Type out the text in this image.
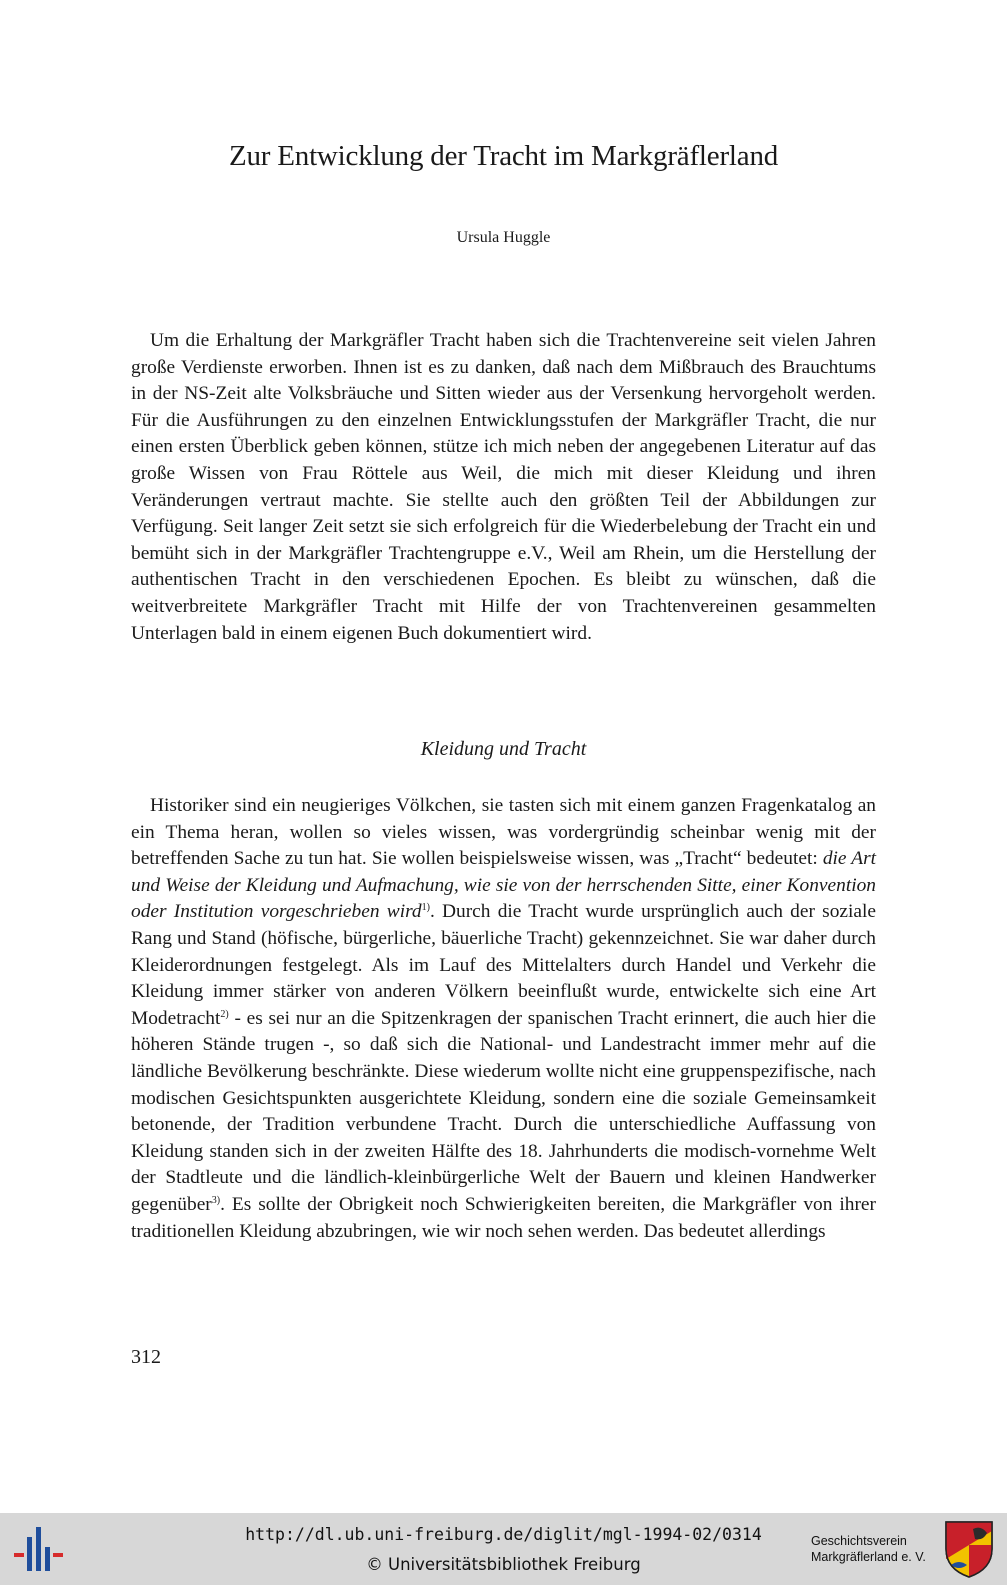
Zur Entwicklung der Tracht im Markgräflerland
Ursula Huggle

Um die Erhaltung der Markgräfler Tracht haben sich die Trachtenvereine seit vielen Jahren große Verdienste erworben. Ihnen ist es zu danken, daß nach dem Mißbrauch des Brauchtums in der NS-Zeit alte Volksbräuche und Sitten wieder aus der Versenkung hervorgeholt werden. Für die Ausführungen zu den einzelnen Entwicklungsstufen der Markgräfler Tracht, die nur einen ersten Überblick geben können, stütze ich mich neben der angegebenen Literatur auf das große Wissen von Frau Röttele aus Weil, die mich mit dieser Kleidung und ihren Veränderungen vertraut machte. Sie stellte auch den größten Teil der Abbildungen zur Verfügung. Seit langer Zeit setzt sie sich erfolgreich für die Wiederbelebung der Tracht ein und bemüht sich in der Markgräfler Trachtengruppe e.V., Weil am Rhein, um die Herstellung der authentischen Tracht in den verschiedenen Epochen. Es bleibt zu wünschen, daß die weitverbreitete Markgräfler Tracht mit Hilfe der von Trachtenvereinen gesammelten Unterlagen bald in einem eigenen Buch dokumentiert wird.

Kleidung und Tracht

Historiker sind ein neugieriges Völkchen, sie tasten sich mit einem ganzen Fragenkatalog an ein Thema heran, wollen so vieles wissen, was vordergründig scheinbar wenig mit der betreffenden Sache zu tun hat. Sie wollen beispielsweise wissen, was „Tracht“ bedeutet: die Art und Weise der Kleidung und Aufmachung, wie sie von der herrschenden Sitte, einer Konvention oder Institution vorgeschrieben wird$^{1)}$. Durch die Tracht wurde ursprünglich auch der soziale Rang und Stand (höfische, bürgerliche, bäuerliche Tracht) gekennzeichnet. Sie war daher durch Kleiderordnungen festgelegt. Als im Lauf des Mittelalters durch Handel und Verkehr die Kleidung immer stärker von anderen Völkern beeinflußt wurde, entwickelte sich eine Art Modetracht$^{2)}$ - es sei nur an die Spitzenkragen der spanischen Tracht erinnert, die auch hier die höheren Stände trugen -, so daß sich die National- und Landestracht immer mehr auf die ländliche Bevölkerung beschränkte. Diese wiederum wollte nicht eine gruppenspezifische, nach modischen Gesichtspunkten ausgerichtete Kleidung, sondern eine die soziale Gemeinsamkeit betonende, der Tradition verbundene Tracht. Durch die unterschiedliche Auffassung von Kleidung standen sich in der zweiten Hälfte des 18. Jahrhunderts die modisch-vornehme Welt der Stadtleute und die ländlich-kleinbürgerliche Welt der Bauern und kleinen Handwerker gegenüber$^{3)}$. Es sollte der Obrigkeit noch Schwierigkeiten bereiten, die Markgräfler von ihrer traditionellen Kleidung abzubringen, wie wir noch sehen werden. Das bedeutet allerdings

312
http://dl.ub.uni-freiburg.de/diglit/mgl-1994-02/0314
© Universitätsbibliothek Freiburg
Geschichtsverein
Markgräflerland e. V.
